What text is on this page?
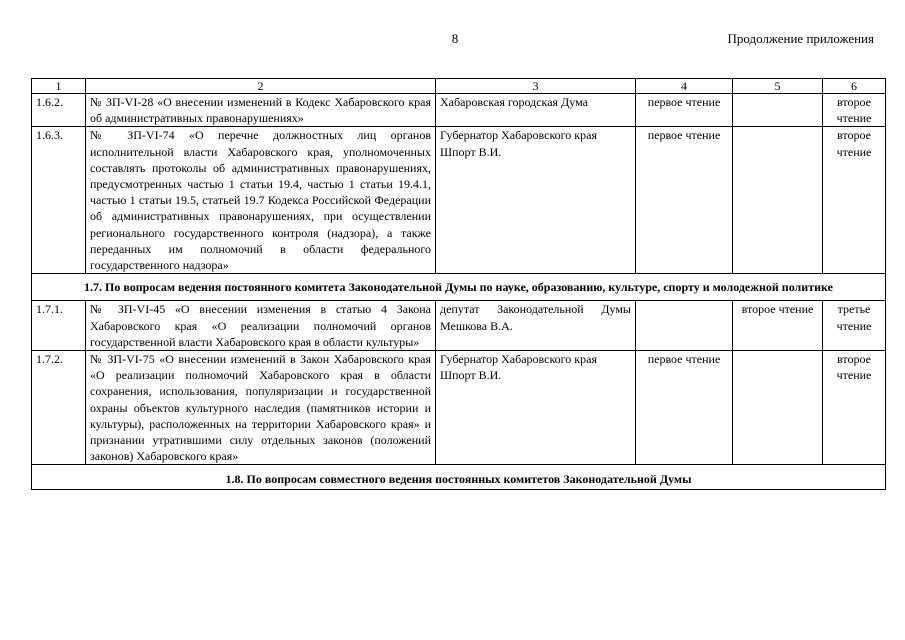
8	Продолжение приложения
1	2	3	4	5	6
1.6.2.	№ ЗП-VI-28 «О внесении изменений в Кодекс Хабаровского края об административных правонарушениях»	Хабаровская городская Дума	первое чтение		второе чтение
1.6.3.	№ ЗП-VI-74 «О перечне должностных лиц органов исполнительной власти Хабаровского края, уполномоченных составлять протоколы об административных правонарушениях, предусмотренных частью 1 статьи 19.4, частью 1 статьи 19.4.1, частью 1 статьи 19.5, статьей 19.7 Кодекса Российской Федерации об административных правонарушениях, при осуществлении регионального государственного контроля (надзора), а также переданных им полномочий в области федерального государственного надзора»	Губернатор Хабаровского края Шпорт В.И.	первое чтение		второе чтение
1.7. По вопросам ведения постоянного комитета Законодательной Думы по науке, образованию, культуре, спорту и молодежной политике					
1.7.1.	№ ЗП-VI-45 «О внесении изменения в статью 4 Закона Хабаровского края «О реализации полномочий органов государственной власти Хабаровского края в области культуры»	депутат Законодательной Думы Мешкова В.А.		второе чтение	третье чтение
1.7.2.	№ ЗП-VI-75 «О внесении изменений в Закон Хабаровского края «О реализации полномочий Хабаровского края в области сохранения, использования, популяризации и государственной охраны объектов культурного наследия (памятников истории и культуры), расположенных на территории Хабаровского края» и признании утратившими силу отдельных законов (положений законов) Хабаровского края»	Губернатор Хабаровского края Шпорт В.И.	первое чтение		второе чтение
1.8. По вопросам совместного ведения постоянных комитетов Законодательной Думы					
